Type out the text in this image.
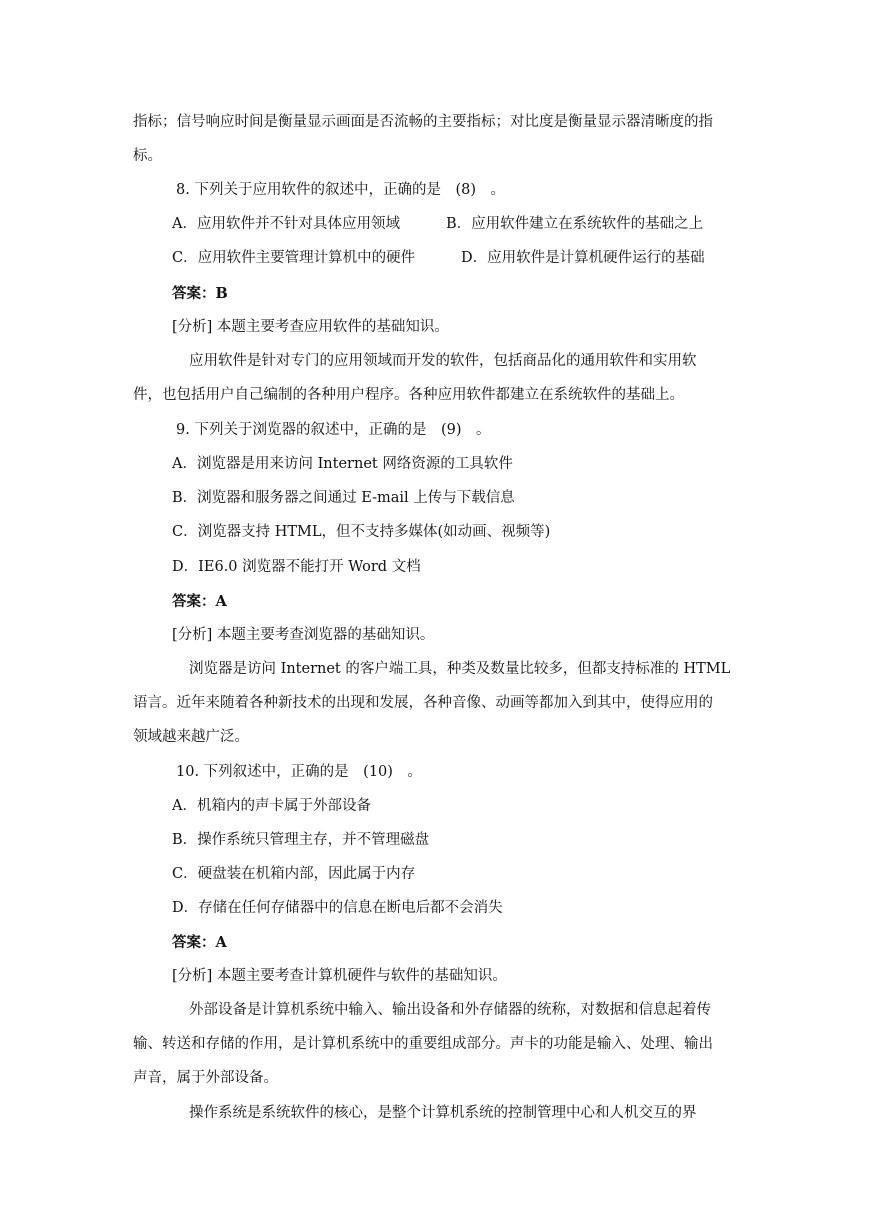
指标；信号响应时间是衡量显示画面是否流畅的主要指标；对比度是衡量显示器清晰度的指
标。
8. 下列关于应用软件的叙述中，正确的是　(8)　。
A．应用软件并不针对具体应用领域	B．应用软件建立在系统软件的基础之上
C．应用软件主要管理计算机中的硬件	D．应用软件是计算机硬件运行的基础
答案：B
[分析] 本题主要考查应用软件的基础知识。
应用软件是针对专门的应用领域而开发的软件，包括商品化的通用软件和实用软
件，也包括用户自己编制的各种用户程序。各种应用软件都建立在系统软件的基础上。
9. 下列关于浏览器的叙述中，正确的是　(9)　。
A．浏览器是用来访问 Internet 网络资源的工具软件
B．浏览器和服务器之间通过 E-mail 上传与下载信息
C．浏览器支持 HTML，但不支持多媒体(如动画、视频等)
D．IE6.0 浏览器不能打开 Word 文档
答案：A
[分析] 本题主要考查浏览器的基础知识。
浏览器是访问 Internet 的客户端工具，种类及数量比较多，但都支持标准的 HTML
语言。近年来随着各种新技术的出现和发展，各种音像、动画等都加入到其中，使得应用的
领域越来越广泛。
10. 下列叙述中，正确的是　(10)　。
A．机箱内的声卡属于外部设备
B．操作系统只管理主存，并不管理磁盘
C．硬盘装在机箱内部，因此属于内存
D．存储在任何存储器中的信息在断电后都不会消失
答案：A
[分析] 本题主要考查计算机硬件与软件的基础知识。
外部设备是计算机系统中输入、输出设备和外存储器的统称，对数据和信息起着传
输、转送和存储的作用，是计算机系统中的重要组成部分。声卡的功能是输入、处理、输出
声音，属于外部设备。
操作系统是系统软件的核心，是整个计算机系统的控制管理中心和人机交互的界
